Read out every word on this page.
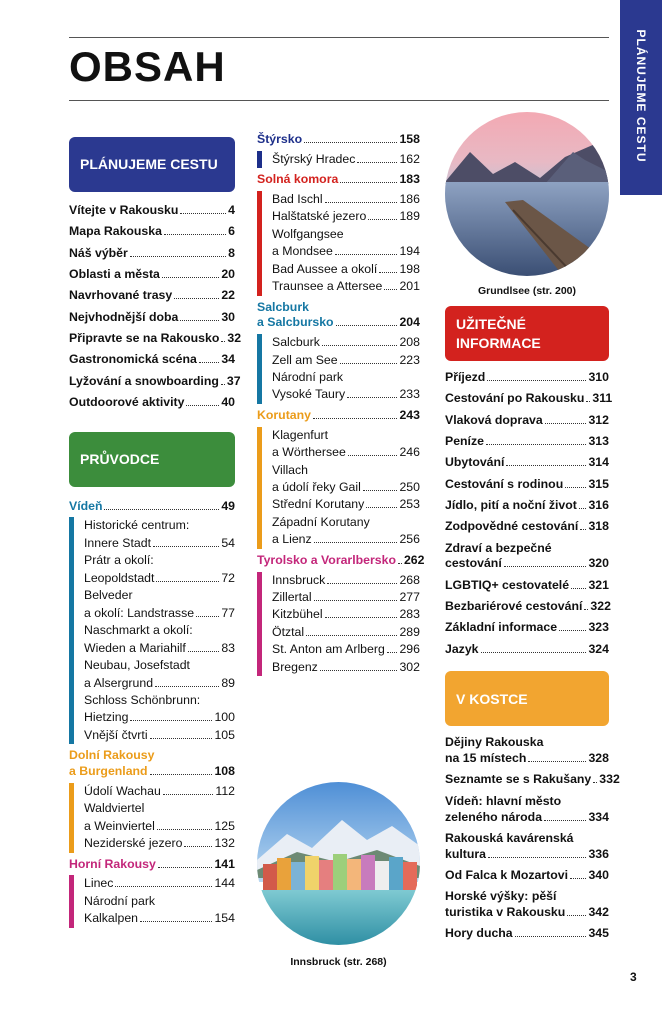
PLÁNUJEME CESTU
OBSAH
PLÁNUJEME CESTU
Vítejte v Rakousku	4
Mapa Rakouska	6
Náš výběr	8
Oblasti a města	20
Navrhované trasy	22
Nejvhodnější doba	30
Připravte se na Rakousko 32
Gastronomická scéna 34
Lyžování a snowboarding 37
Outdoorové aktivity	40
PRŮVODCE
Vídeň	49
Historické centrum:
Innere Stadt	54
Prátr a okolí:
Leopoldstadt	72
Belveder
a okolí: Landstrasse 77
Naschmarkt a okolí:
Wieden a Mariahilf	83
Neubau, Josefstadt
a Alsergrund	89
Schloss Schönbrunn:
Hietzing	100
Vnější čtvrti	105
Dolní Rakousy
a Burgenland	108
Údolí Wachau	112
Waldviertel
a Weinviertel	125
Neziderské jezero	132
Horní Rakousy	141
Linec	144
Národní park
Kalkalpen	154
Štýrsko	158
Štýrský Hradec	162
Solná komora	183
Bad Ischl	186
Halštatské jezero	189
Wolfgangsee
a Mondsee	194
Bad Aussee a okolí 198
Traunsee a Attersee 201
Salcburk
a Salcbursko	204
Salcburk	208
Zell am See	223
Národní park
Vysoké Taury	233
Korutany	243
Klagenfurt
a Wörthersee	246
Villach
a údolí řeky Gail	250
Střední Korutany	253
Západní Korutany
a Lienz	256
Tyrolsko a Vorarlbersko 262
Innsbruck	268
Zillertal	277
Kitzbühel	283
Ötztal	289
St. Anton am Arlberg 296
Bregenz	302
Grundlsee (str. 200)
Innsbruck (str. 268)
UŽITEČNÉ
INFORMACE
Příjezd	310
Cestování po Rakousku 311
Vlaková doprava	312
Peníze	313
Ubytování	314
Cestování s rodinou 315
Jídlo, pití a noční život 316
Zodpovědné cestování 318
Zdraví a bezpečné
cestování	320
LGBTIQ+ cestovatelé 321
Bezbariérové cestování 322
Základní informace	323
Jazyk	324
V KOSTCE
Dějiny Rakouska
na 15 místech	328
Seznamte se s Rakušany 332
Vídeň: hlavní město
zeleného národa	334
Rakouská kavárenská
kultura	336
Od Falca k Mozartovi 340
Horské výšky: pěší
turistika v Rakousku 342
Hory ducha	345
3
